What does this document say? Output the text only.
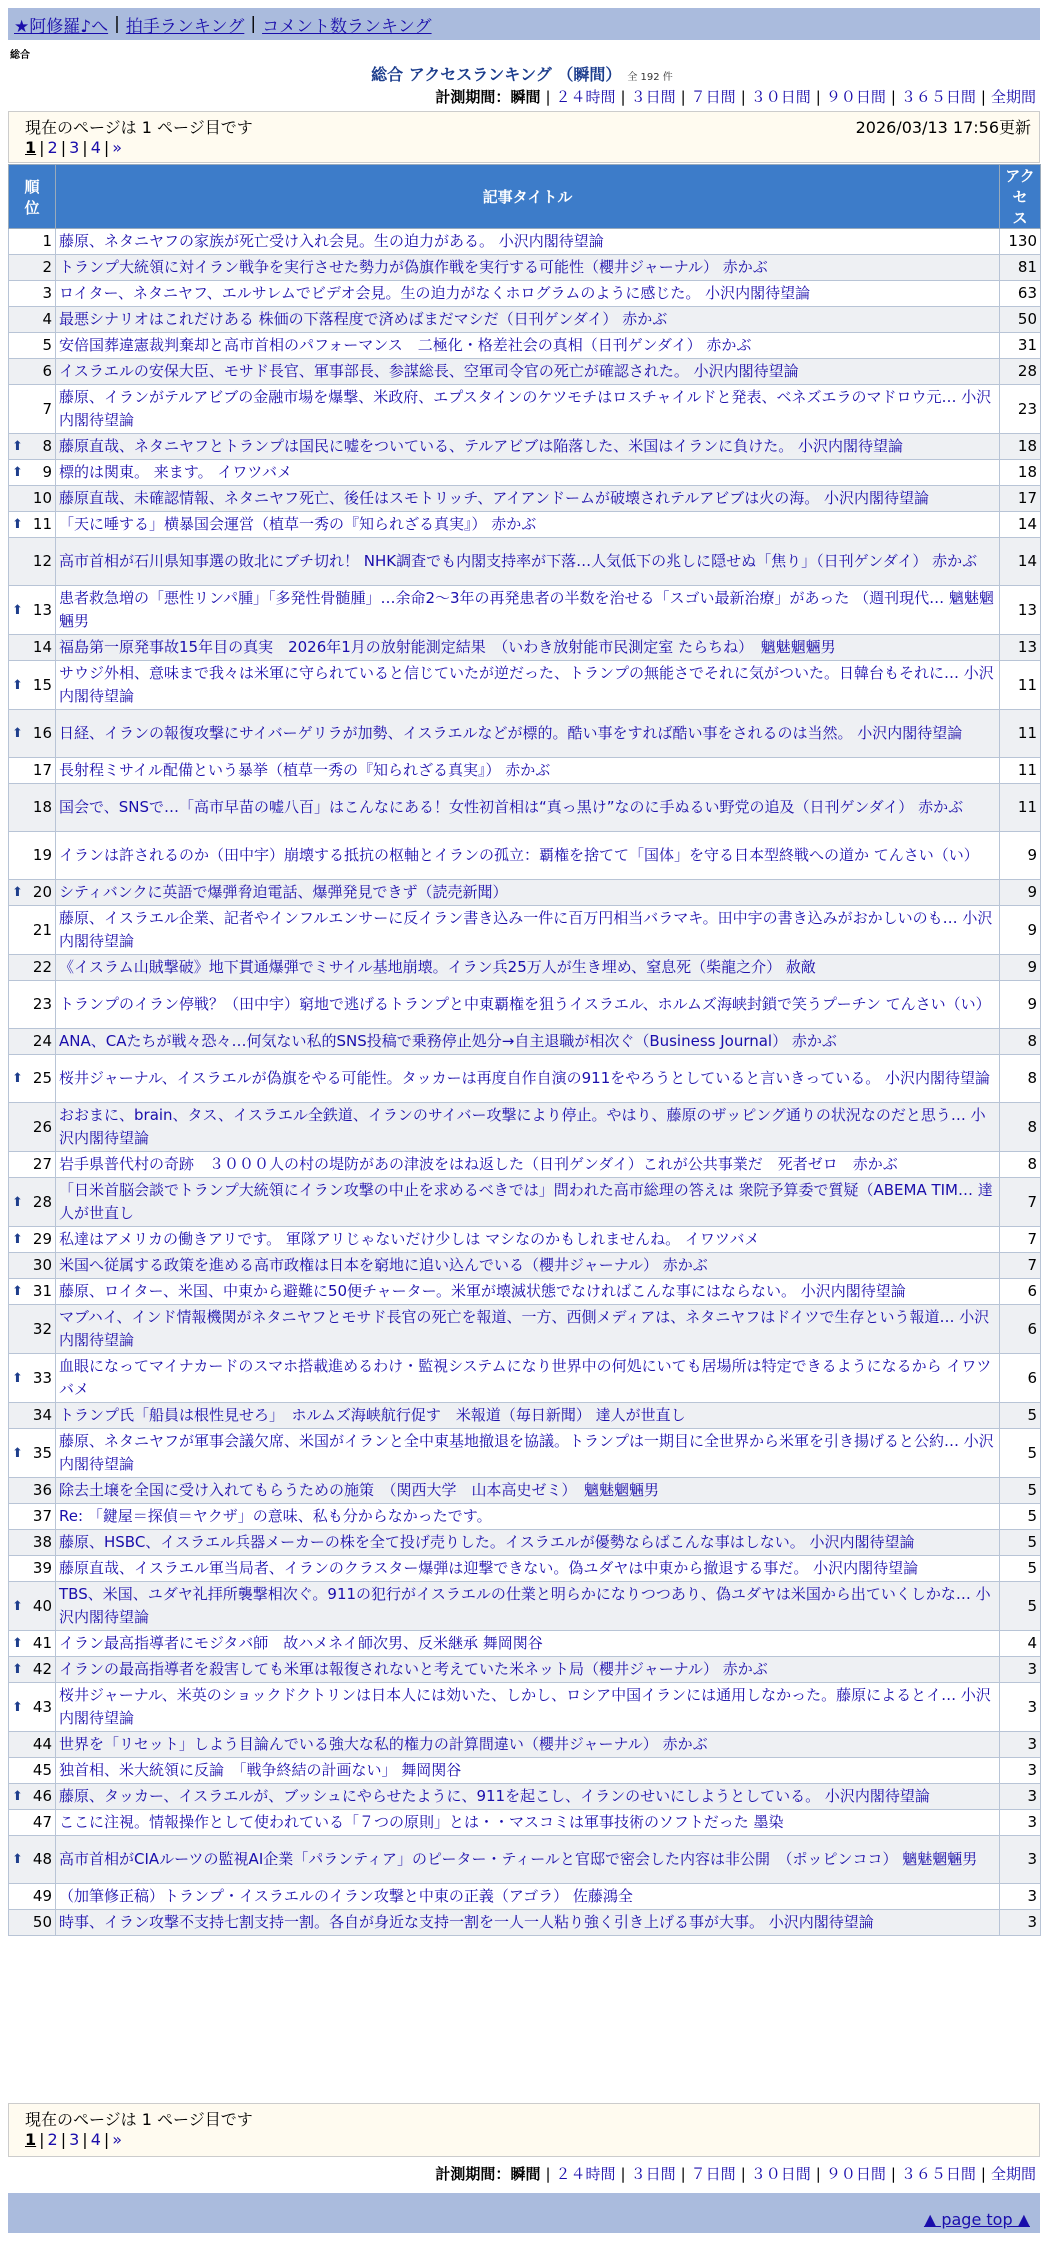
★阿修羅♪へ | 拍手ランキング | コメント数ランキング
総合
総合 アクセスランキング （瞬間） 全 192 件
計測期間：瞬間 | ２４時間 | ３日間 | ７日間 | ３０日間 | ９０日間 | ３６５日間 | 全期間
現在のページは 1 ページ目です	2026/03/13 17:56更新
1 | 2 | 3 | 4 | »
順
位	記事タイトル	アクセ
ス
1	藤原、ネタニヤフの家族が死亡受け入れ会見。生の迫力がある。 小沢内閣待望論	130
2	トランプ大統領に対イラン戦争を実行させた勢力が偽旗作戦を実行する可能性（櫻井ジャーナル） 赤かぶ	81
3	ロイター、ネタニヤフ、エルサレムでビデオ会見。生の迫力がなくホログラムのように感じた。 小沢内閣待望論	63
4	最悪シナリオはこれだけある 株価の下落程度で済めばまだマシだ（日刊ゲンダイ） 赤かぶ	50
5	安倍国葬違憲裁判棄却と高市首相のパフォーマンス　二極化・格差社会の真相（日刊ゲンダイ） 赤かぶ	31
6	イスラエルの安保大臣、モサド長官、軍事部長、参謀総長、空軍司令官の死亡が確認された。 小沢内閣待望論	28
7	藤原、イランがテルアビブの金融市場を爆撃、米政府、エプスタインのケツモチはロスチャイルドと発表、ベネズエラのマドロウ元… 小沢内閣待望論	23

⬆ 8	藤原直哉、ネタニヤフとトランプは国民に嘘をついている、テルアビブは陥落した、米国はイランに負けた。 小沢内閣待望論	18

⬆ 9	標的は関東。 来ます。 イワツバメ	18
10	藤原直哉、未確認情報、ネタニヤフ死亡、後任はスモトリッチ、アイアンドームが破壊されテルアビブは火の海。 小沢内閣待望論	17

⬆ 11	「天に唾する」横暴国会運営（植草一秀の『知られざる真実』） 赤かぶ	14
12	高市首相が石川県知事選の敗北にブチ切れ！ NHK調査でも内閣支持率が下落…人気低下の兆しに隠せぬ「焦り」（日刊ゲンダイ） 赤かぶ	14

⬆ 13	患者救急増の「悪性リンパ腫」「多発性骨髄腫」…余命2～3年の再発患者の半数を治せる「スゴい最新治療」があった （週刊現代… 魑魅魍魎男	13
14	福島第一原発事故15年目の真実　2026年1月の放射能測定結果　（いわき放射能市民測定室 たらちね）　魑魅魍魎男	13

⬆ 15	サウジ外相、意味まで我々は米軍に守られていると信じていたが逆だった、トランプの無能さでそれに気がついた。日韓台もそれに… 小沢内閣待望論	11

⬆ 16	日経、イランの報復攻撃にサイバーゲリラが加勢、イスラエルなどが標的。酷い事をすれば酷い事をされるのは当然。 小沢内閣待望論	11
17	長射程ミサイル配備という暴挙（植草一秀の『知られざる真実』） 赤かぶ	11
18	国会で、SNSで…「高市早苗の嘘八百」はこんなにある！女性初首相は“真っ黒け”なのに手ぬるい野党の追及（日刊ゲンダイ） 赤かぶ	11
19	イランは許されるのか（田中宇）崩壊する抵抗の枢軸とイランの孤立：覇権を捨てて「国体」を守る日本型終戦への道か てんさい（い）	9

⬆ 20	シティバンクに英語で爆弾脅迫電話、爆弾発見できず（読売新聞）	9
21	藤原、イスラエル企業、記者やインフルエンサーに反イラン書き込み一件に百万円相当バラマキ。田中宇の書き込みがおかしいのも… 小沢内閣待望論	9
22	《イスラム山賊撃破》地下貫通爆弾でミサイル基地崩壊。イラン兵25万人が生き埋め、窒息死（柴龍之介） 赦敵	9
23	トランプのイラン停戦？（田中宇）窮地で逃げるトランプと中東覇権を狙うイスラエル、ホルムズ海峡封鎖で笑うプーチン てんさい（い）	9
24	ANA、CAたちが戦々恐々…何気ない私的SNS投稿で乗務停止処分→自主退職が相次ぐ（Business Journal） 赤かぶ	8

⬆ 25	桜井ジャーナル、イスラエルが偽旗をやる可能性。タッカーは再度自作自演の911をやろうとしていると言いきっている。 小沢内閣待望論	8
26	おおまに、brain、タス、イスラエル全鉄道、イランのサイバー攻撃により停止。やはり、藤原のザッピング通りの状況なのだと思う… 小沢内閣待望論	8
27	岩手県普代村の奇跡　３０００人の村の堤防があの津波をはね返した（日刊ゲンダイ）これが公共事業だ　死者ゼロ　赤かぶ	8

⬆ 28	「日米首脳会談でトランプ大統領にイラン攻撃の中止を求めるべきでは」問われた高市総理の答えは 衆院予算委で質疑（ABEMA TIM… 達人が世直し	7

⬆ 29	私達はアメリカの働きアリです。 軍隊アリじゃないだけ少しは マシなのかもしれませんね。 イワツバメ	7
30	米国へ従属する政策を進める高市政権は日本を窮地に追い込んでいる（櫻井ジャーナル） 赤かぶ	7

⬆ 31	藤原、ロイター、米国、中東から避難に50便チャーター。米軍が壊滅状態でなければこんな事にはならない。 小沢内閣待望論	6
32	マブハイ、インド情報機関がネタニヤフとモサド長官の死亡を報道、一方、西側メディアは、ネタニヤフはドイツで生存という報道… 小沢内閣待望論	6

⬆ 33	血眼になってマイナカードのスマホ搭載進めるわけ・監視システムになり世界中の何処にいても居場所は特定できるようになるから イワツバメ	6
34	トランプ氏「船員は根性見せろ」　ホルムズ海峡航行促す　米報道（毎日新聞） 達人が世直し	5

⬆ 35	藤原、ネタニヤフが軍事会議欠席、米国がイランと全中東基地撤退を協議。トランプは一期目に全世界から米軍を引き揚げると公約… 小沢内閣待望論	5
36	除去土壌を全国に受け入れてもらうための施策　（関西大学　山本高史ゼミ）　魑魅魍魎男	5
37	Re: 「鍵屋＝探偵＝ヤクザ」の意味、私も分からなかったです。	5
38	藤原、HSBC、イスラエル兵器メーカーの株を全て投げ売りした。イスラエルが優勢ならばこんな事はしない。 小沢内閣待望論	5
39	藤原直哉、イスラエル軍当局者、イランのクラスター爆弾は迎撃できない。偽ユダヤは中東から撤退する事だ。 小沢内閣待望論	5

⬆ 40	TBS、米国、ユダヤ礼拝所襲撃相次ぐ。911の犯行がイスラエルの仕業と明らかになりつつあり、偽ユダヤは米国から出ていくしかな… 小沢内閣待望論	5

⬆ 41	イラン最高指導者にモジタバ師　故ハメネイ師次男、反米継承 舞岡関谷	4

⬆ 42	イランの最高指導者を殺害しても米軍は報復されないと考えていた米ネット局（櫻井ジャーナル） 赤かぶ	3

⬆ 43	桜井ジャーナル、米英のショックドクトリンは日本人には効いた、しかし、ロシア中国イランには通用しなかった。藤原によるとイ… 小沢内閣待望論	3
44	世界を「リセット」しよう目論んでいる強大な私的権力の計算間違い（櫻井ジャーナル） 赤かぶ	3
45	独首相、米大統領に反論　「戦争終結の計画ない」 舞岡関谷	3

⬆ 46	藤原、タッカー、イスラエルが、ブッシュにやらせたように、911を起こし、イランのせいにしようとしている。 小沢内閣待望論	3
47	ここに注視。情報操作として使われている「７つの原則」とは・・マスコミは軍事技術のソフトだった 墨染	3

⬆ 48	高市首相がCIAルーツの監視AI企業「パランティア」のピーター・ティールと官邸で密会した内容は非公開　（ポッピンココ） 魑魅魍魎男	3
49	（加筆修正稿）トランプ・イスラエルのイラン攻撃と中東の正義（アゴラ） 佐藤鴻全	3
50	時事、イラン攻撃不支持七割支持一割。各自が身近な支持一割を一人一人粘り強く引き上げる事が大事。 小沢内閣待望論	3
現在のページは 1 ページ目です
1 | 2 | 3 | 4 | »
計測期間：瞬間 | ２４時間 | ３日間 | ７日間 | ３０日間 | ９０日間 | ３６５日間 | 全期間
▲ page top ▲
